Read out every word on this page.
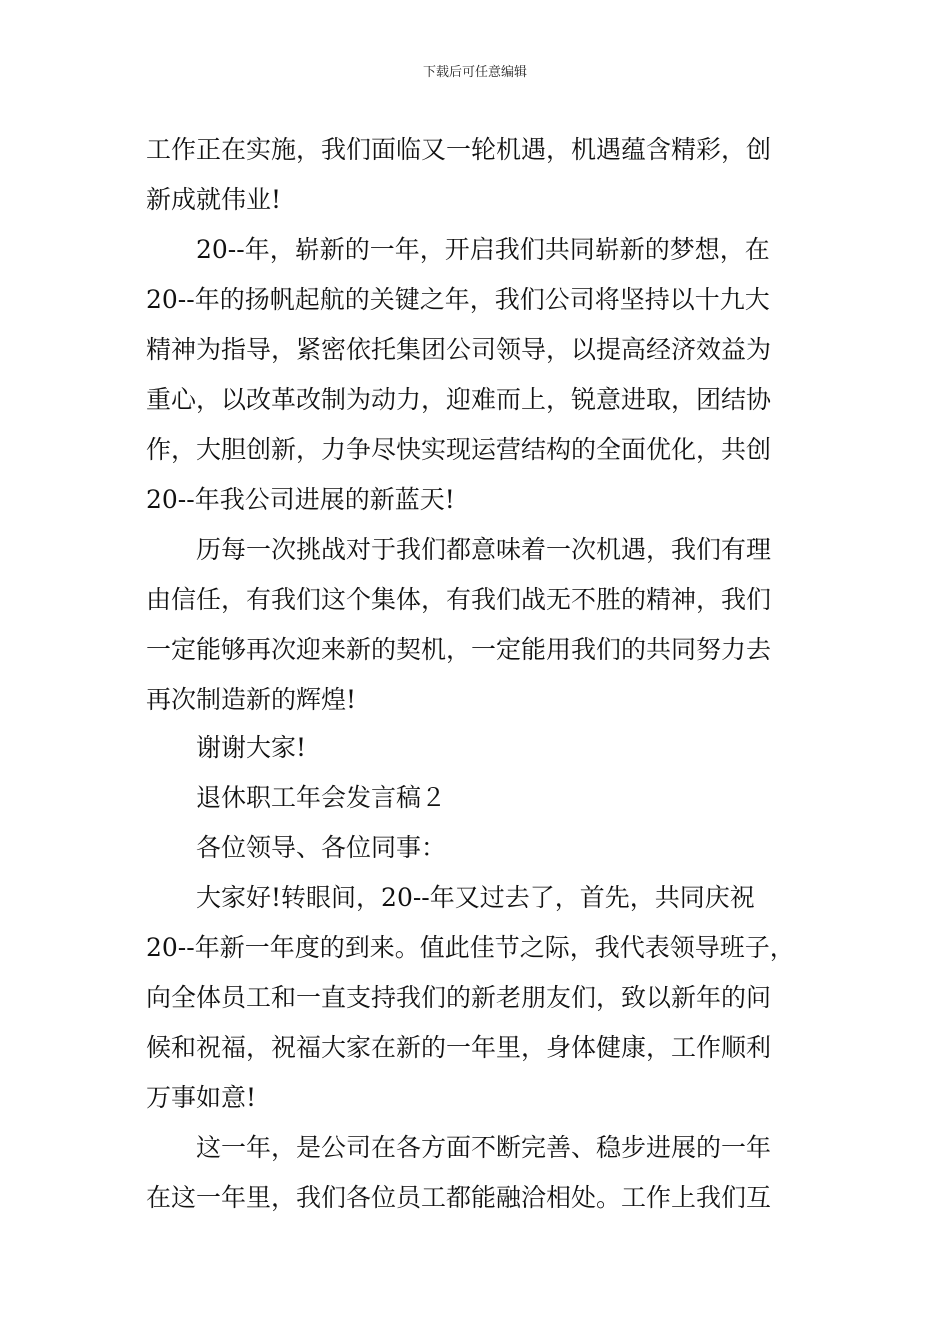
下载后可任意编辑
工作正在实施，我们面临又一轮机遇，机遇蕴含精彩，创
新成就伟业!
20--年，崭新的一年，开启我们共同崭新的梦想，在
20--年的扬帆起航的关键之年，我们公司将坚持以十九大
精神为指导，紧密依托集团公司领导，以提高经济效益为
重心，以改革改制为动力，迎难而上，锐意进取，团结协
作，大胆创新，力争尽快实现运营结构的全面优化，共创
20--年我公司进展的新蓝天!
历每一次挑战对于我们都意味着一次机遇，我们有理
由信任，有我们这个集体，有我们战无不胜的精神，我们
一定能够再次迎来新的契机，一定能用我们的共同努力去
再次制造新的辉煌!
谢谢大家!
退休职工年会发言稿２
各位领导、各位同事：
大家好!转眼间，20--年又过去了，首先，共同庆祝
20--年新一年度的到来。值此佳节之际，我代表领导班子，
向全体员工和一直支持我们的新老朋友们，致以新年的问
候和祝福，祝福大家在新的一年里，身体健康，工作顺利
万事如意!
这一年，是公司在各方面不断完善、稳步进展的一年
在这一年里，我们各位员工都能融洽相处。工作上我们互
